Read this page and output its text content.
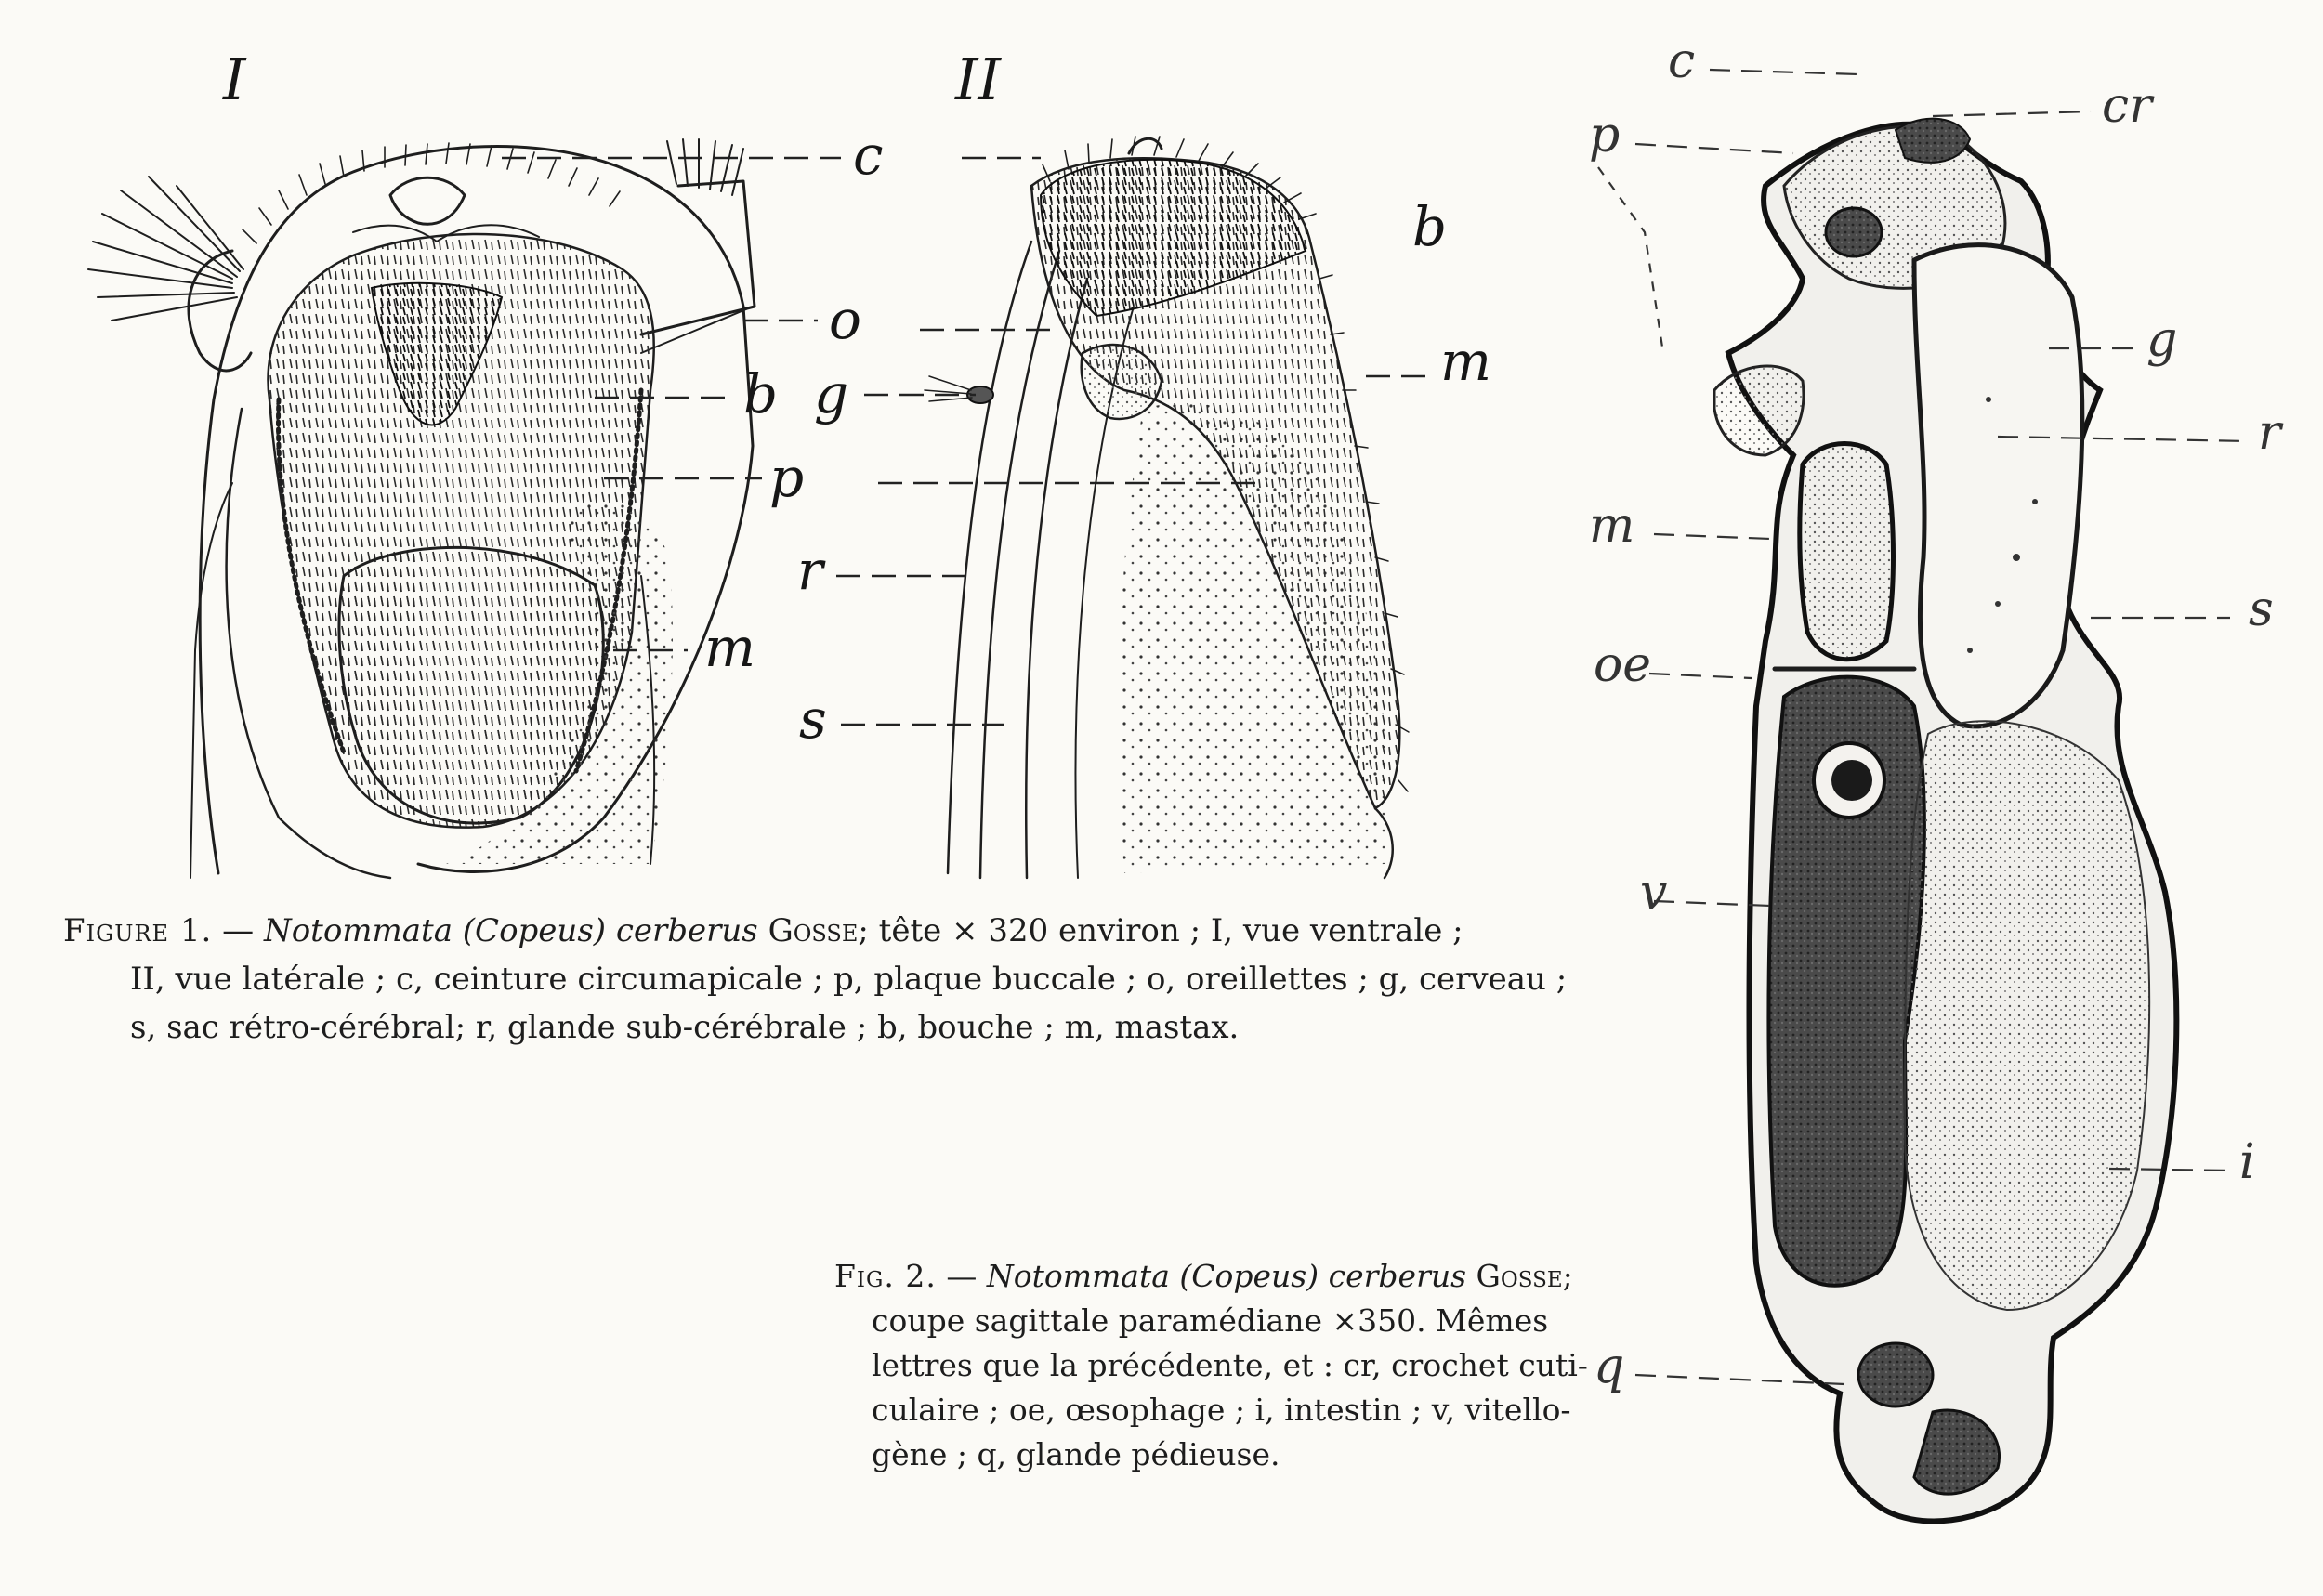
I	II
c
o
b
p
m
b
m
g
r
s
c
p
m
oe
v
q
cr
g
r
s
i
Figure 1. — Notommata (Copeus) cerberus Gosse; tête × 320 environ ; I, vue ventrale ;
II, vue latérale ; c, ceinture circumapicale ; p, plaque buccale ; o, oreillettes ; g, cerveau ;
s, sac rétro-cérébral; r, glande sub-cérébrale ; b, bouche ; m, mastax.
Fig. 2. — Notommata (Copeus) cerberus Gosse;
coupe sagittale paramédiane ×350. Mêmes
lettres que la précédente, et : cr, crochet cuti-
culaire ; oe, œsophage ; i, intestin ; v, vitello-
gène ; q, glande pédieuse.
